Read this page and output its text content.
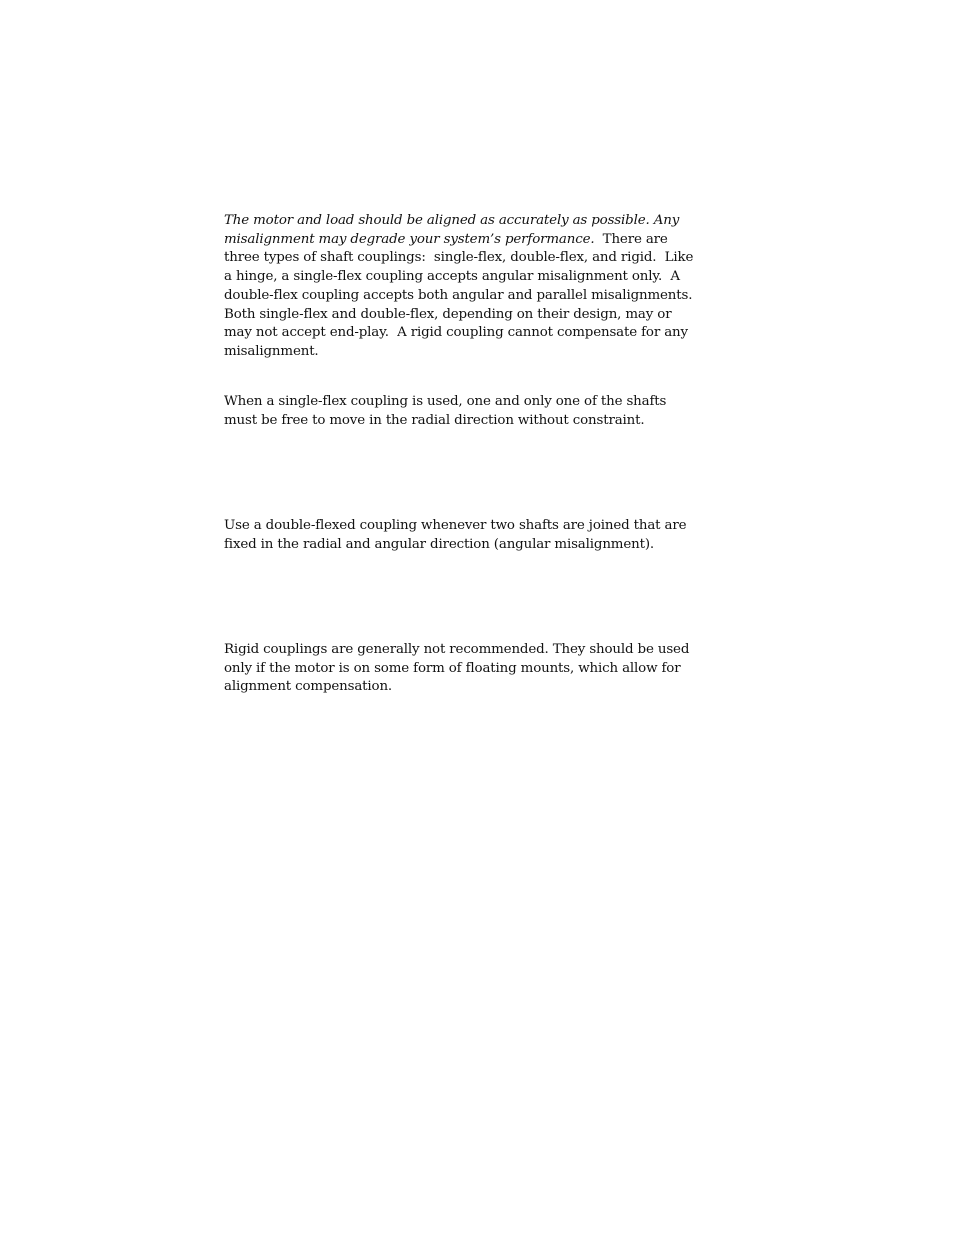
The motor and load should be aligned as accurately as possible. Any misalignment may degrade your system’s performance.  There are three types of shaft couplings:  single-flex, double-flex, and rigid.  Like a hinge, a single-flex coupling accepts angular misalignment only.  A double-flex coupling accepts both angular and parallel misalignments.  Both single-flex and double-flex, depending on their design, may or may not accept end-play.  A rigid coupling cannot compensate for any misalignment.

When a single-flex coupling is used, one and only one of the shafts must be free to move in the radial direction without constraint.

Use a double-flexed coupling whenever two shafts are joined that are fixed in the radial and angular direction (angular misalignment).

Rigid couplings are generally not recommended. They should be used only if the motor is on some form of floating mounts, which allow for alignment compensation.
